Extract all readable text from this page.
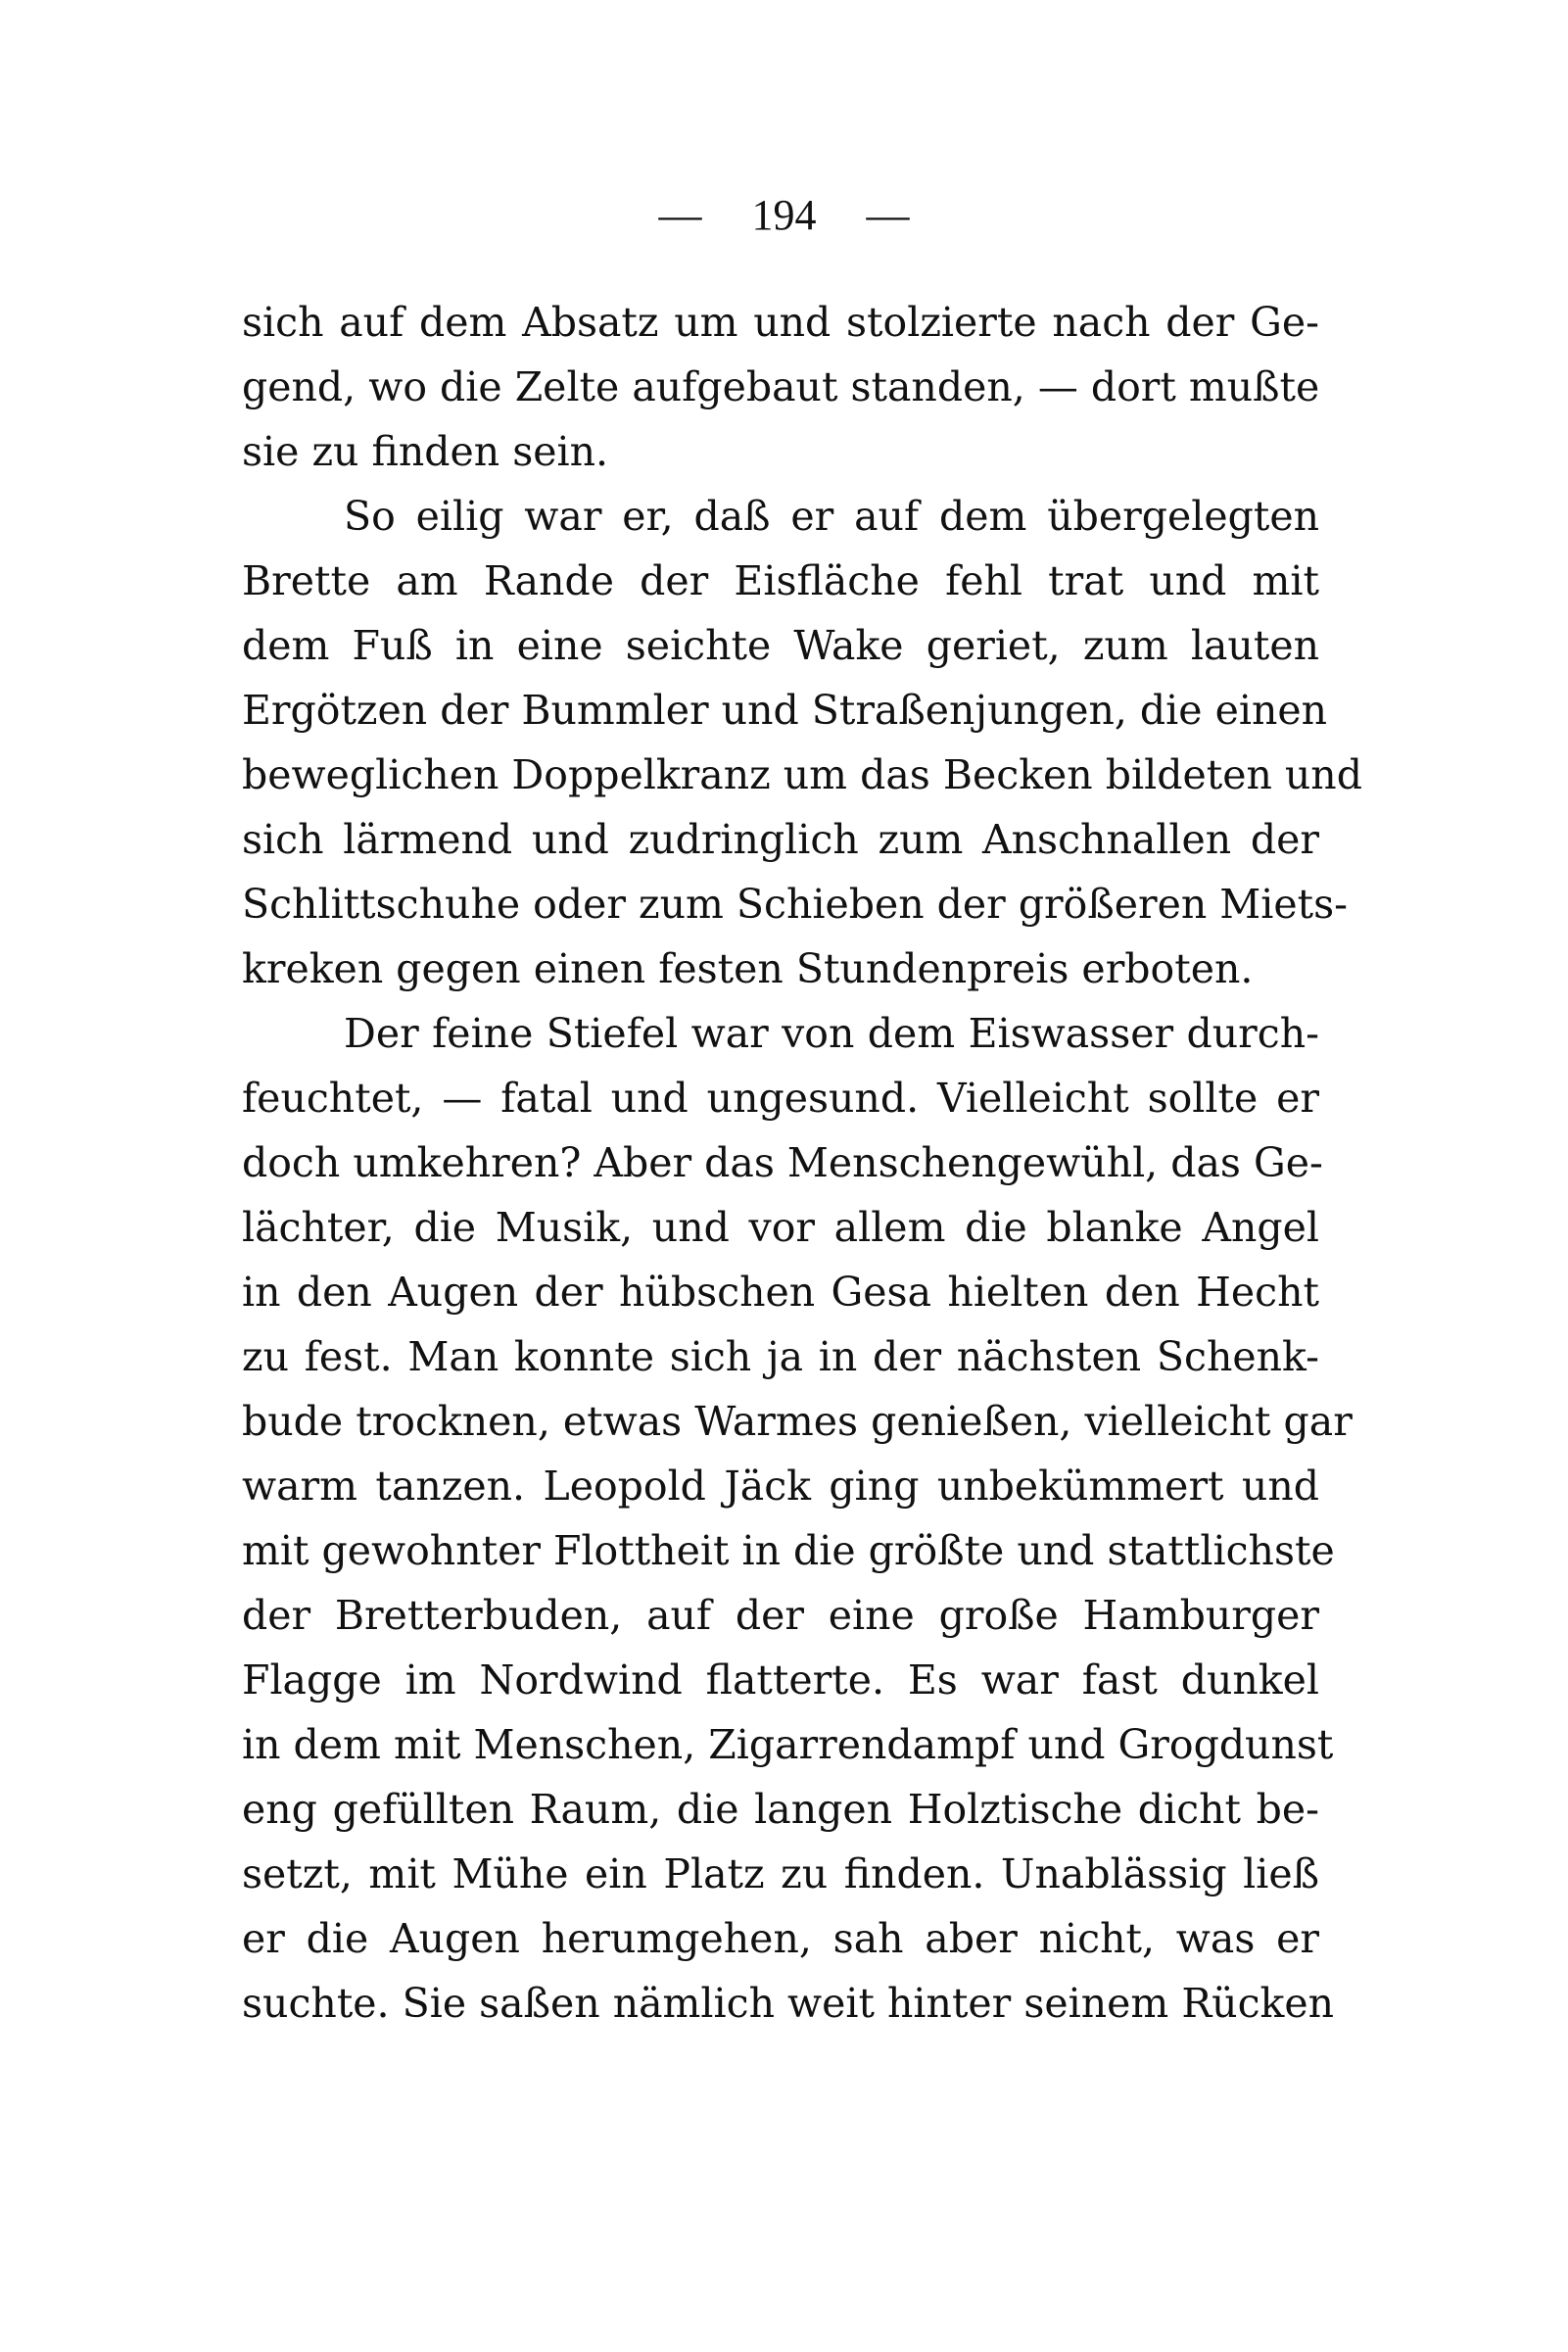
— 194 —
sich auf dem Absatz um und stolzierte nach der Ge-
gend, wo die Zelte aufgebaut standen, — dort mußte
sie zu finden sein.
So eilig war er, daß er auf dem übergelegten
Brette am Rande der Eisfläche fehl trat und mit
dem Fuß in eine seichte Wake geriet, zum lauten
Ergötzen der Bummler und Straßenjungen, die einen
beweglichen Doppelkranz um das Becken bildeten und
sich lärmend und zudringlich zum Anschnallen der
Schlittschuhe oder zum Schieben der größeren Miets-
kreken gegen einen festen Stundenpreis erboten.
Der feine Stiefel war von dem Eiswasser durch-
feuchtet, — fatal und ungesund. Vielleicht sollte er
doch umkehren? Aber das Menschengewühl, das Ge-
lächter, die Musik, und vor allem die blanke Angel
in den Augen der hübschen Gesa hielten den Hecht
zu fest. Man konnte sich ja in der nächsten Schenk-
bude trocknen, etwas Warmes genießen, vielleicht gar
warm tanzen. Leopold Jäck ging unbekümmert und
mit gewohnter Flottheit in die größte und stattlichste
der Bretterbuden, auf der eine große Hamburger
Flagge im Nordwind flatterte. Es war fast dunkel
in dem mit Menschen, Zigarrendampf und Grogdunst
eng gefüllten Raum, die langen Holztische dicht be-
setzt, mit Mühe ein Platz zu finden. Unablässig ließ
er die Augen herumgehen, sah aber nicht, was er
suchte. Sie saßen nämlich weit hinter seinem Rücken
